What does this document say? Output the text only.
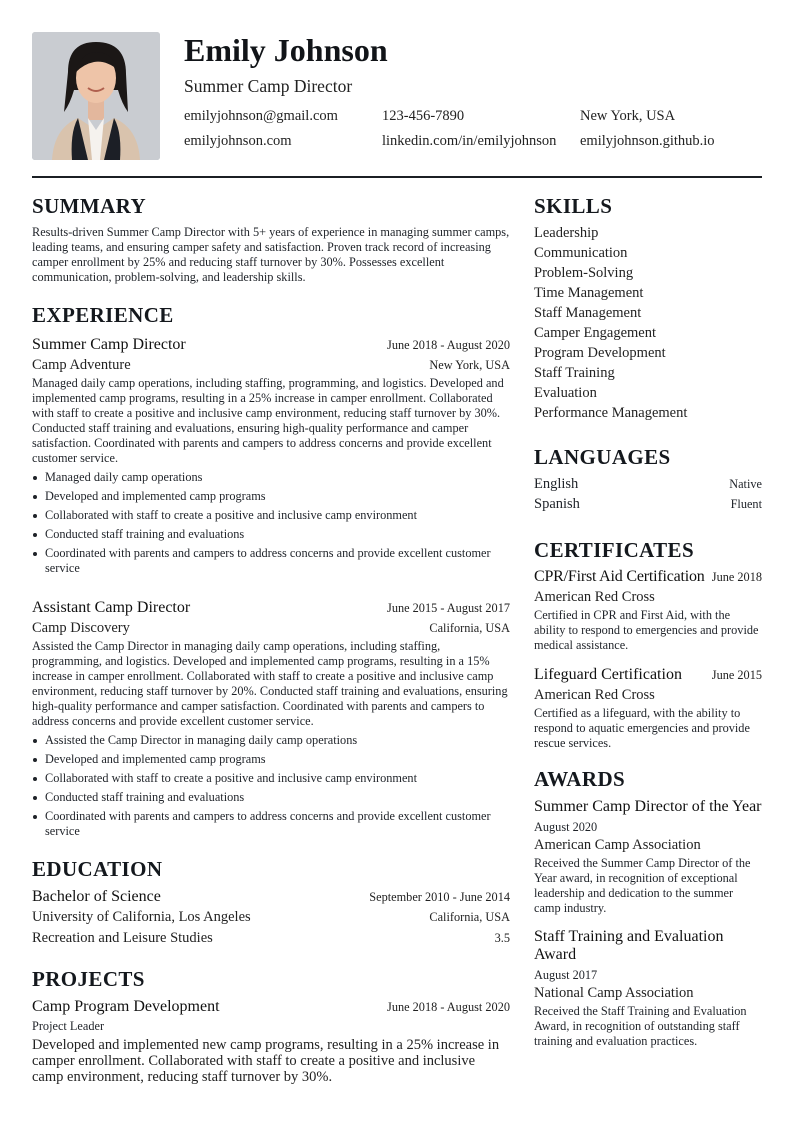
Emily Johnson
Summer Camp Director
emilyjohnson@gmail.com	123-456-7890	New York, USA
emilyjohnson.com	linkedin.com/in/emilyjohnson	emilyjohnson.github.io
SUMMARY
Results-driven Summer Camp Director with 5+ years of experience in managing summer camps, leading teams, and ensuring camper safety and satisfaction. Proven track record of increasing camper enrollment by 25% and reducing staff turnover by 30%. Possesses excellent communication, problem-solving, and leadership skills.
EXPERIENCE
Summer Camp Director	June 2018 - August 2020
Camp Adventure	New York, USA
Managed daily camp operations, including staffing, programming, and logistics. Developed and implemented camp programs, resulting in a 25% increase in camper enrollment. Collaborated with staff to create a positive and inclusive camp environment, reducing staff turnover by 30%. Conducted staff training and evaluations, ensuring high-quality performance and camper satisfaction. Coordinated with parents and campers to address concerns and provide excellent customer service.
Managed daily camp operations
Developed and implemented camp programs
Collaborated with staff to create a positive and inclusive camp environment
Conducted staff training and evaluations
Coordinated with parents and campers to address concerns and provide excellent customer service
Assistant Camp Director	June 2015 - August 2017
Camp Discovery	California, USA
Assisted the Camp Director in managing daily camp operations, including staffing, programming, and logistics. Developed and implemented camp programs, resulting in a 15% increase in camper enrollment. Collaborated with staff to create a positive and inclusive camp environment, reducing staff turnover by 20%. Conducted staff training and evaluations, ensuring high-quality performance and camper satisfaction. Coordinated with parents and campers to address concerns and provide excellent customer service.
Assisted the Camp Director in managing daily camp operations
Developed and implemented camp programs
Collaborated with staff to create a positive and inclusive camp environment
Conducted staff training and evaluations
Coordinated with parents and campers to address concerns and provide excellent customer service
EDUCATION
Bachelor of Science	September 2010 - June 2014
University of California, Los Angeles	California, USA
Recreation and Leisure Studies	3.5
PROJECTS
Camp Program Development	June 2018 - August 2020
Project Leader
Developed and implemented new camp programs, resulting in a 25% increase in camper enrollment. Collaborated with staff to create a positive and inclusive camp environment, reducing staff turnover by 30%.
SKILLS
Leadership
Communication
Problem-Solving
Time Management
Staff Management
Camper Engagement
Program Development
Staff Training
Evaluation
Performance Management
LANGUAGES
English	Native
Spanish	Fluent
CERTIFICATES
CPR/First Aid Certification June 2018
American Red Cross
Certified in CPR and First Aid, with the ability to respond to emergencies and provide medical assistance.
Lifeguard Certification June 2015
American Red Cross
Certified as a lifeguard, with the ability to respond to aquatic emergencies and provide rescue services.
AWARDS
Summer Camp Director of the Year
August 2020
American Camp Association
Received the Summer Camp Director of the Year award, in recognition of exceptional leadership and dedication to the summer camp industry.
Staff Training and Evaluation Award
August 2017
National Camp Association
Received the Staff Training and Evaluation Award, in recognition of outstanding staff training and evaluation practices.
